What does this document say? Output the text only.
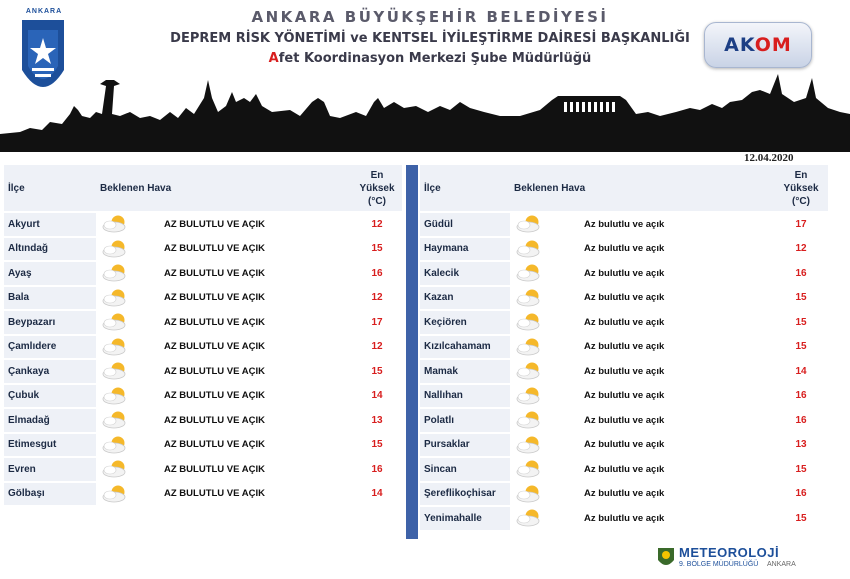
ANKARA	ANKARA BÜYÜKŞEHİR BELEDİYESİ
DEPREM RİSK YÖNETİMİ ve KENTSEL İYİLEŞTİRME DAİRESİ BAŞKANLIĞI
Afet Koordinasyon Merkezi Şube Müdürlüğü
AKOM
12.04.2020
İlçe	Beklenen Hava	En
Yüksek
(°C)
Akyurt	AZ BULUTLU VE AÇIK	12
Altındağ	AZ BULUTLU VE AÇIK	15
Ayaş	AZ BULUTLU VE AÇIK	16
Bala	AZ BULUTLU VE AÇIK	12
Beypazarı	AZ BULUTLU VE AÇIK	17
Çamlıdere	AZ BULUTLU VE AÇIK	12
Çankaya	AZ BULUTLU VE AÇIK	15
Çubuk	AZ BULUTLU VE AÇIK	14
Elmadağ	AZ BULUTLU VE AÇIK	13
Etimesgut	AZ BULUTLU VE AÇIK	15
Evren	AZ BULUTLU VE AÇIK	16
Gölbaşı	AZ BULUTLU VE AÇIK	14
İlçe	Beklenen Hava	En
Yüksek
(°C)
Güdül	Az bulutlu ve açık	17
Haymana	Az bulutlu ve açık	12
Kalecik	Az bulutlu ve açık	16
Kazan	Az bulutlu ve açık	15
Keçiören	Az bulutlu ve açık	15
Kızılcahamam	Az bulutlu ve açık	15
Mamak	Az bulutlu ve açık	14
Nallıhan	Az bulutlu ve açık	16
Polatlı	Az bulutlu ve açık	16
Pursaklar	Az bulutlu ve açık	13
Sincan	Az bulutlu ve açık	15
Şereflikoçhisar	Az bulutlu ve açık	16
Yenimahalle	Az bulutlu ve açık	15
METEOROLOJİ
9. BÖLGE MÜDÜRLÜĞÜ ANKARA
